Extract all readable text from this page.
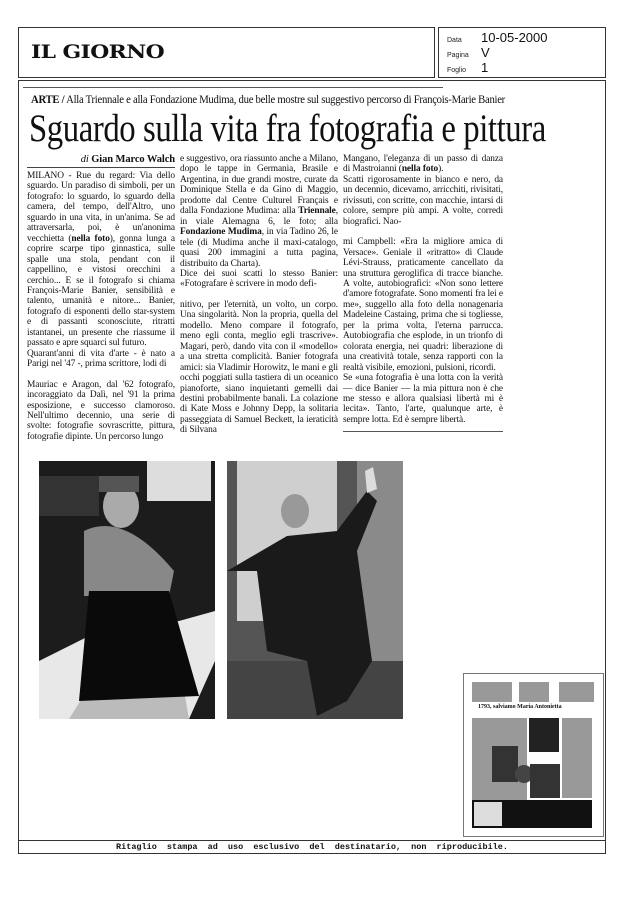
IL GIORNO
Data 10-05-2000
Pagina V
Foglio 1
ARTE / Alla Triennale e alla Fondazione Mudima, due belle mostre sul suggestivo percorso di François-Marie Banier
Sguardo sulla vita fra fotografia e pittura

di Gian Marco Walch

MILANO - Rue du regard: Via dello sguardo. Un paradiso di simboli, per un fotografo: lo sguardo, lo sguardo della camera, del tempo, dell'Altro, uno sguardo in una vita, in un'anima. Se ad attraversarla, poi, è un'anonima vecchietta (nella foto), gonna lunga a coprire scarpe tipo ginnastica, sulle spalle una stola, pendant con il cappellino, e vistosi orecchini a cerchio... E se il fotografo si chiama François-Marie Banier, sensibilità e talento, umanità e nitore... Banier, fotografo di esponenti dello star-system e di passanti sconosciute, ritratti istantanei, un presente che riassume il passato e apre squarci sul futuro.

Quarant'anni di vita d'arte - è nato a Parigi nel '47 -, prima scrittore, lodi di

Mauriac e Aragon, dal '62 fotografo, incoraggiato da Dalì, nel '91 la prima esposizione, e successo clamoroso. Nell'ultimo decennio, una serie di svolte: fotografie sovrascritte, pittura, fotografie dipinte. Un percorso lungo

e suggestivo, ora riassunto anche a Milano, dopo le tappe in Germania, Brasile e Argentina, in due grandi mostre, curate da Dominique Stella e da Gino di Maggio, prodotte dal Centre Culturel Français e dalla Fondazione Mudima: alla Triennale, in viale Alemagna 6, le foto; alla Fondazione Mudima, in via Tadino 26, le tele (di Mudima anche il maxi-catalogo, quasi 200 immagini a tutta pagina, distribuito da Charta).

Dice dei suoi scatti lo stesso Banier: «Fotografare è scrivere in modo defi-

nitivo, per l'eternità, un volto, un corpo. Una singolarità. Non la propria, quella del modello. Meno compare il fotografo, meno egli conta, meglio egli trascrive». Magari, però, dando vita con il «modello» a una stretta complicità. Banier fotografa amici: sia Vladimir Horowitz, le mani e gli occhi poggiati sulla tastiera di un oceanico pianoforte, siano inquietanti gemelli dai destini probabilmente banali. La colazione di Kate Moss e Johnny Depp, la solitaria passeggiata di Samuel Beckett, la ieraticità di Silvana

Mangano, l'eleganza di un passo di danza di Mastroianni (nella foto).

Scatti rigorosamente in bianco e nero, da un decennio, dicevamo, arricchiti, rivisitati, rivissuti, con scritte, con macchie, intarsi di colore, sempre più ampi. A volte, corredi biografici. Nao-

mi Campbell: «Era la migliore amica di Versace». Geniale il «ritratto» di Claude Lévi-Strauss, praticamente cancellato da una struttura geroglifica di tracce bianche. A volte, autobiografici: «Non sono lettere d'amore fotografate. Sono momenti fra lei e me», suggello alla foto della nonagenaria Madeleine Castaing, prima che si togliesse, per la prima volta, l'eterna parrucca. Autobiografia che esplode, in un trionfo di colorata energia, nei quadri: liberazione di una creatività totale, senza rapporti con la realtà visibile, emozioni, pulsioni, ricordi.

Se «una fotografia è una lotta con la verità — dice Banier — la mia pittura non è che me stesso e allora qualsiasi libertà mi è lecita». Tanto, l'arte, qualunque arte, è sempre lotta. Ed è sempre libertà.

1793, salviamo Maria Antonietta
Ritaglio stampa ad uso esclusivo del destinatario, non riproducibile.
